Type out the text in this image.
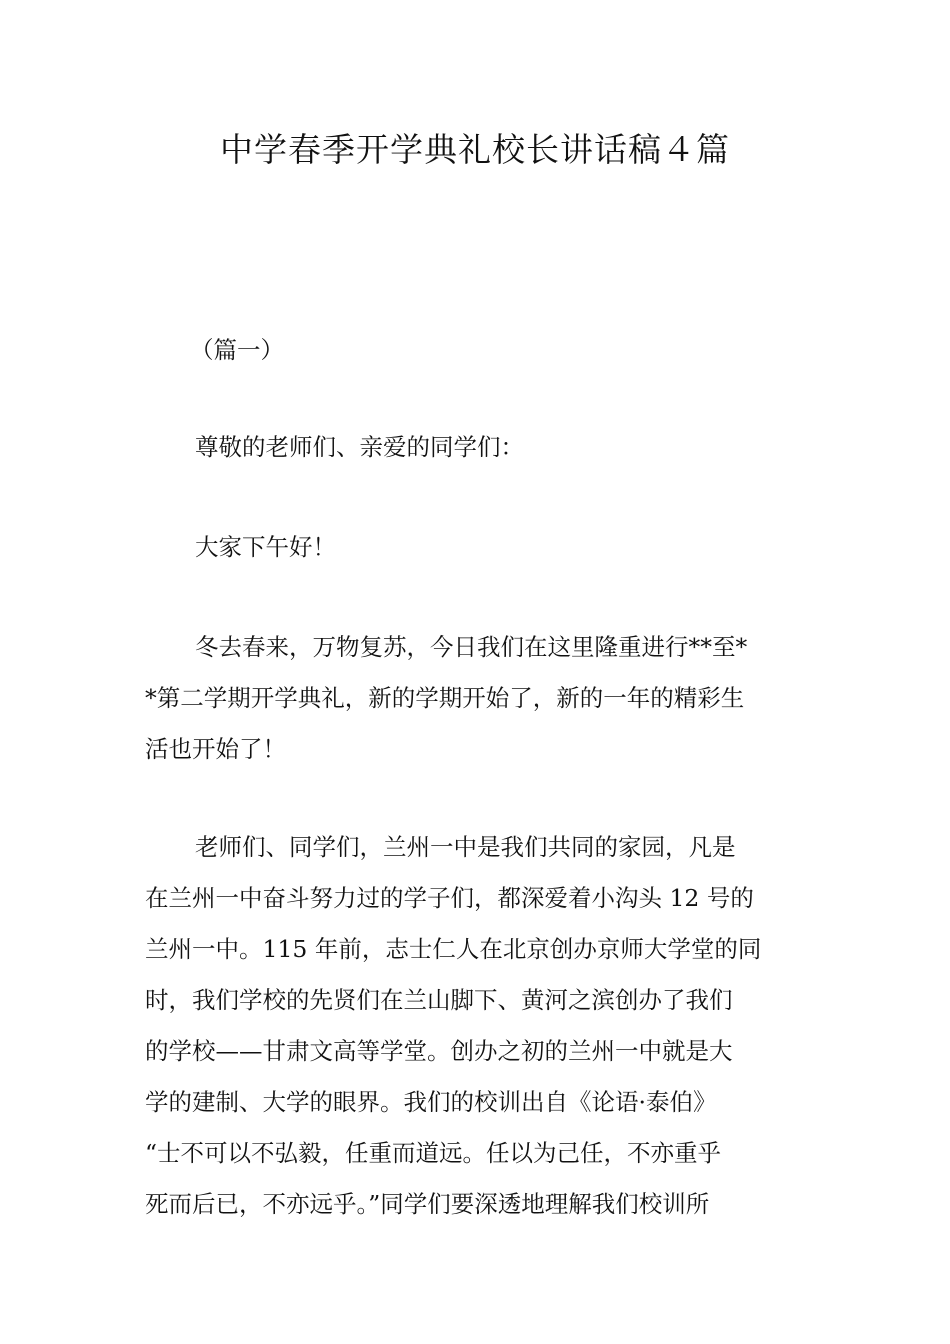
中学春季开学典礼校长讲话稿４篇

（篇一）

尊敬的老师们、亲爱的同学们：

大家下午好！

冬去春来，万物复苏，今日我们在这里隆重进行**至*
*第二学期开学典礼，新的学期开始了，新的一年的精彩生
活也开始了！

老师们、同学们，兰州一中是我们共同的家园，凡是
在兰州一中奋斗努力过的学子们，都深爱着小沟头 12 号的
兰州一中。115 年前，志士仁人在北京创办京师大学堂的同
时，我们学校的先贤们在兰山脚下、黄河之滨创办了我们
的学校——甘肃文高等学堂。创办之初的兰州一中就是大
学的建制、大学的眼界。我们的校训出自《论语·泰伯》
“士不可以不弘毅，任重而道远。任以为己任，不亦重乎
死而后已，不亦远乎。”同学们要深透地理解我们校训所
